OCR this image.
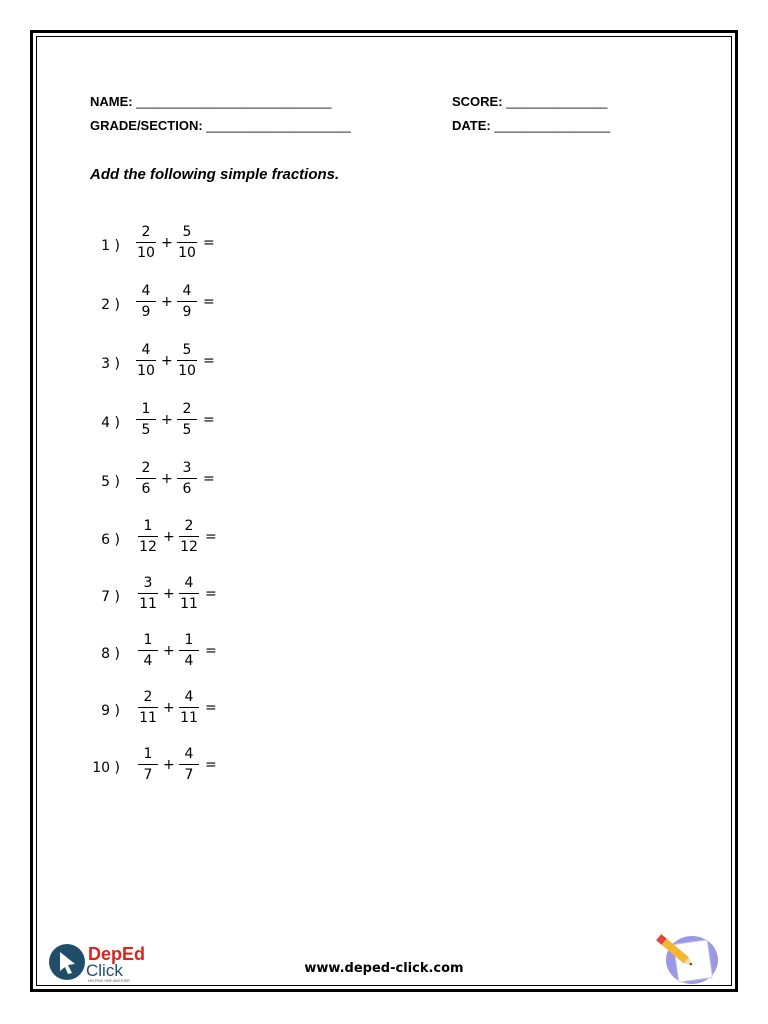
NAME: ___________________________	SCORE: ______________
GRADE/SECTION: ____________________	DATE: ________________
Add the following simple fractions.
1 )
2
10
+
5
10
=
2 )
4
9
+
4
9
=
3 )
4
10
+
5
10
=
4 )
1
5
+
2
5
=
5 )
2
6
+
3
6
=
6 )
1
12
+
2
12
=
7 )
3
11
+
4
11
=
8 )
1
4
+
1
4
=
9 )
2
11
+
4
11
=
10 )
1
7
+
4
7
=
DepEd
Click
HELPING ONE ANOTHER
www.deped-click.com
